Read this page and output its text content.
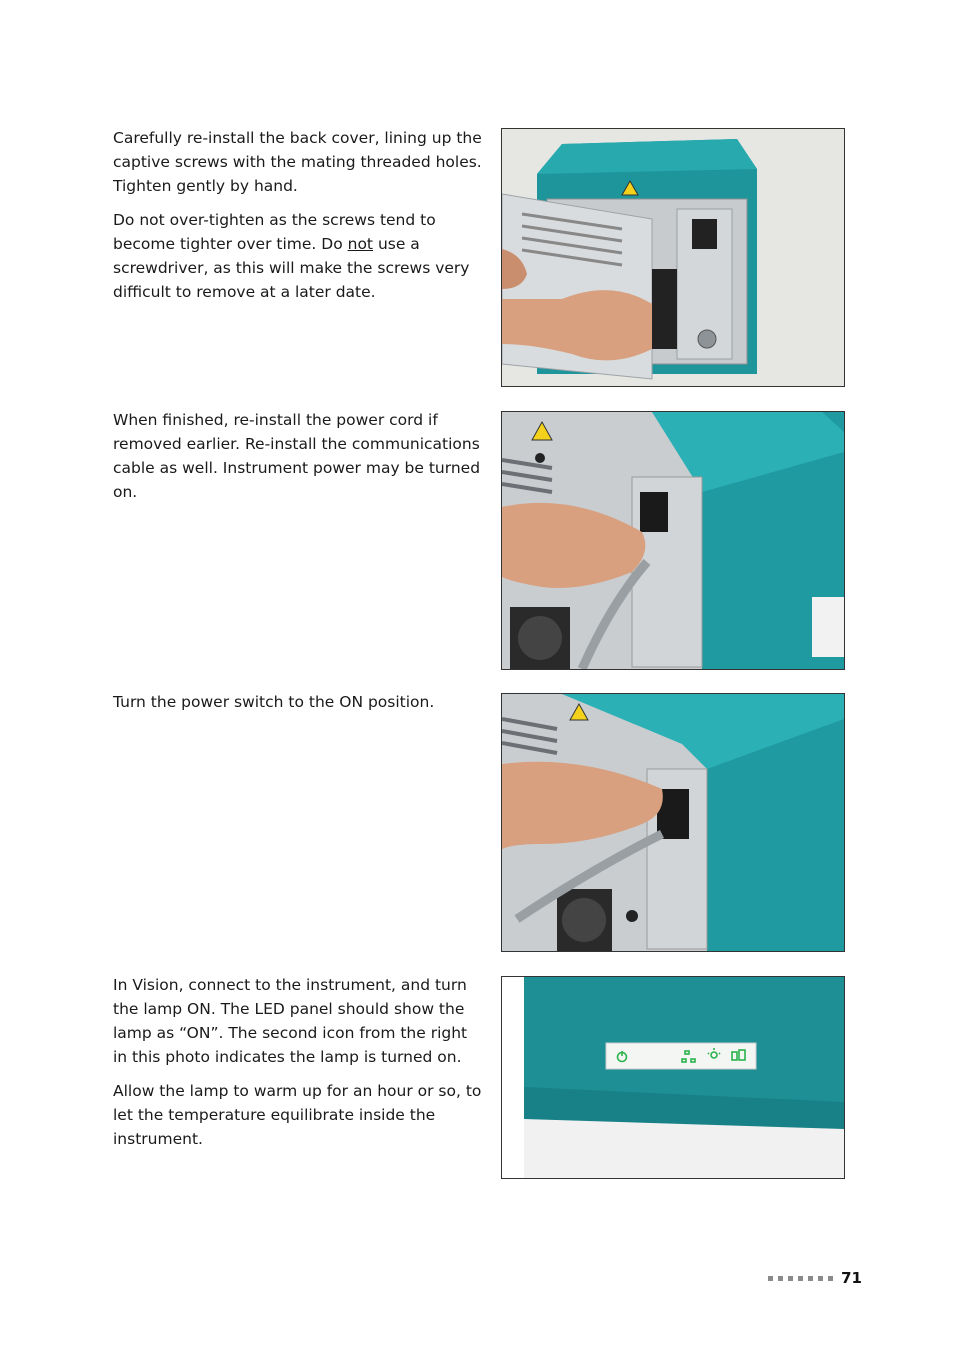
Carefully re-install the back cover, lining up the captive screws with the mating threaded holes. Tighten gently by hand.

Do not over-tighten as the screws tend to become tighter over time. Do not use a screwdriver, as this will make the screws very difficult to remove at a later date.

When finished, re-install the power cord if removed earlier. Re-install the communications cable as well. Instrument power may be turned on.

Turn the power switch to the ON position.

In Vision, connect to the instrument, and turn the lamp ON. The LED panel should show the lamp as “ON”. The second icon from the right in this photo indicates the lamp is turned on.

Allow the lamp to warm up for an hour or so, to let the temperature equilibrate inside the instrument.

71
